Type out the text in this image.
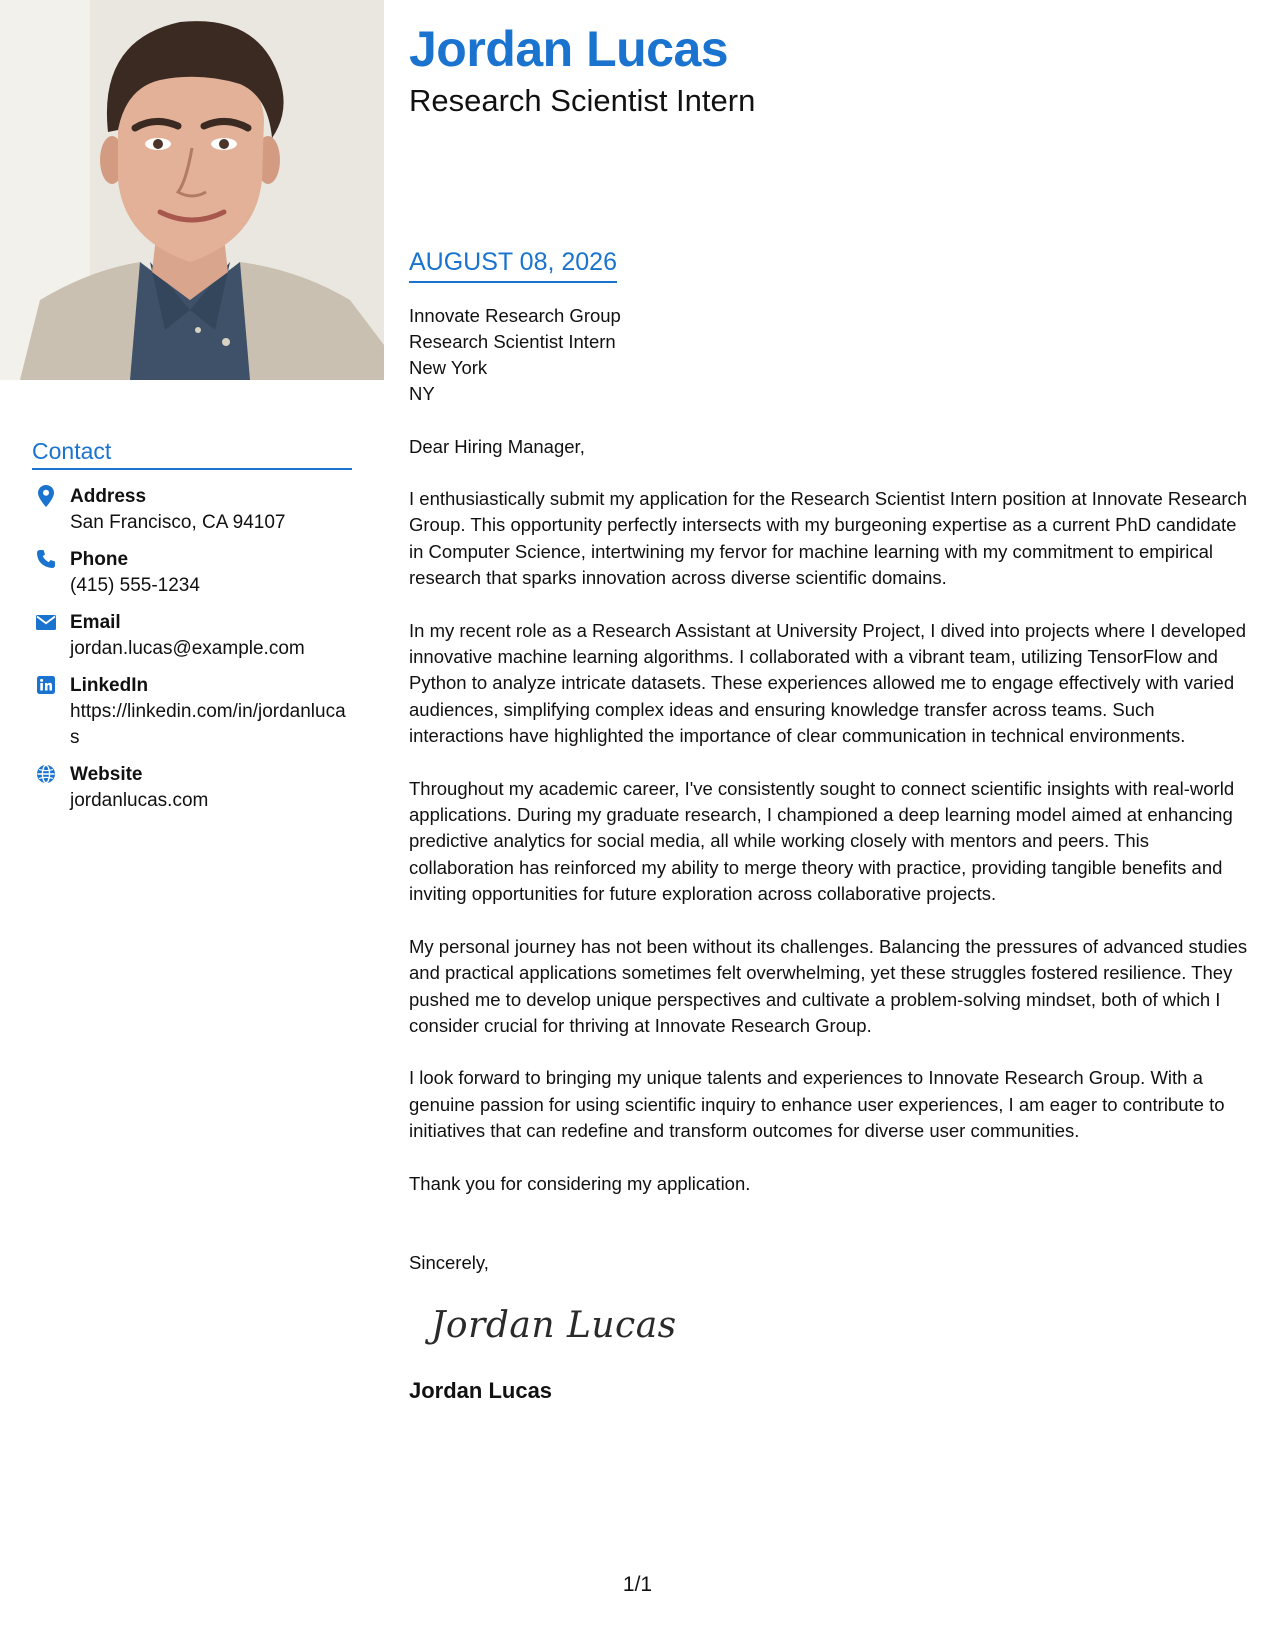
Jordan Lucas
Research Scientist Intern
Contact
Address
San Francisco, CA 94107
Phone
(415) 555-1234
Email
jordan.lucas@example.com
LinkedIn
https://linkedin.com/in/jordanlucas
Website
jordanlucas.com
AUGUST 08, 2026
Innovate Research Group
Research Scientist Intern
New York
NY
Dear Hiring Manager,

I enthusiastically submit my application for the Research Scientist Intern position at Innovate Research Group. This opportunity perfectly intersects with my burgeoning expertise as a current PhD candidate in Computer Science, intertwining my fervor for machine learning with my commitment to empirical research that sparks innovation across diverse scientific domains.

In my recent role as a Research Assistant at University Project, I dived into projects where I developed innovative machine learning algorithms. I collaborated with a vibrant team, utilizing TensorFlow and Python to analyze intricate datasets. These experiences allowed me to engage effectively with varied audiences, simplifying complex ideas and ensuring knowledge transfer across teams. Such interactions have highlighted the importance of clear communication in technical environments.

Throughout my academic career, I've consistently sought to connect scientific insights with real-world applications. During my graduate research, I championed a deep learning model aimed at enhancing predictive analytics for social media, all while working closely with mentors and peers. This collaboration has reinforced my ability to merge theory with practice, providing tangible benefits and inviting opportunities for future exploration across collaborative projects.

My personal journey has not been without its challenges. Balancing the pressures of advanced studies and practical applications sometimes felt overwhelming, yet these struggles fostered resilience. They pushed me to develop unique perspectives and cultivate a problem-solving mindset, both of which I consider crucial for thriving at Innovate Research Group.

I look forward to bringing my unique talents and experiences to Innovate Research Group. With a genuine passion for using scientific inquiry to enhance user experiences, I am eager to contribute to initiatives that can redefine and transform outcomes for diverse user communities.

Thank you for considering my application.

Sincerely,
Jordan Lucas
Jordan Lucas
1/1
